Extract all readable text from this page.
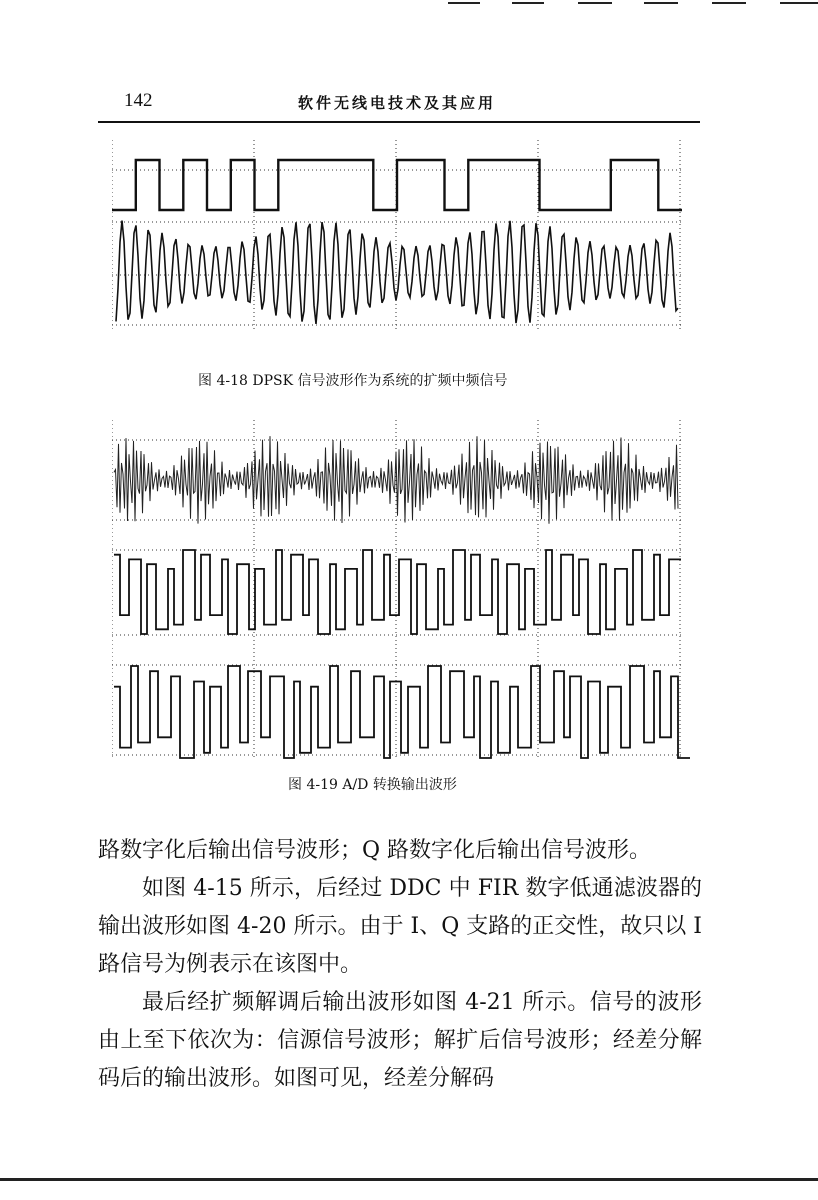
142	软件无线电技术及其应用
图 4-18 DPSK 信号波形作为系统的扩频中频信号
图 4-19 A/D 转换输出波形

路数字化后输出信号波形；Q 路数字化后输出信号波形。

如图 4-15 所示，后经过 DDC 中 FIR 数字低通滤波器的输出波形如图 4-20 所示。由于 I、Q 支路的正交性，故只以 I 路信号为例表示在该图中。

最后经扩频解调后输出波形如图 4-21 所示。信号的波形由上至下依次为：信源信号波形；解扩后信号波形；经差分解码后的输出波形。如图可见，经差分解码
